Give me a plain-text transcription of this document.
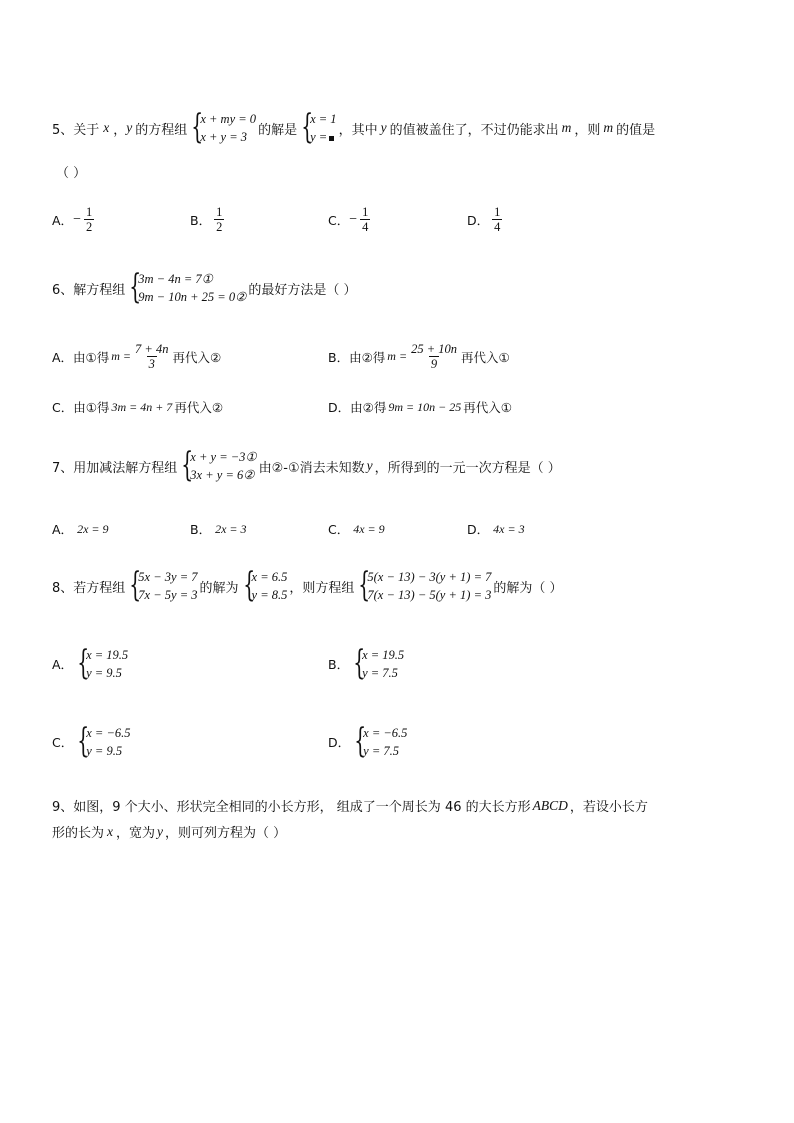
5、关于 x ， y 的方程组 {
x + my = 0
x + y = 3 的解是 {
x = 1
y = ，其中 y 的值被盖住了，不过仍能求出 m ，则 m 的值是
（ ）
A． − $\frac{1}{2}$	B． $\frac{1}{2}$	C． − $\frac{1}{4}$	D． $\frac{1}{4}$
6、解方程组 {
3m − 4n = 7①
9m − 10n + 25 = 0② 的最好方法是（ ）
A．由①得 $m = \frac{7 + 4n}{3}$ 再代入②	B．由②得 $m = \frac{25 + 10n}{9}$ 再代入①
C．由①得 3m = 4n + 7 再代入②	D．由②得 9m = 10n − 25 再代入①
7、用加减法解方程组 {
x + y = −3①
3x + y = 6② 由②-①消去未知数 y ，所得到的一元一次方程是（ ）
A． 2x = 9	B． 2x = 3	C． 4x = 9	D． 4x = 3
8、若方程组 {
5x − 3y = 7
7x − 5y = 3 的解为 {
x = 6.5
y = 8.5 ，则方程组 {
5(x − 13) − 3(y + 1) = 7
7(x − 13) − 5(y + 1) = 3 的解为（ ）
A． {
x = 19.5
y = 9.5
B． {
x = 19.5
y = 7.5
C． {
x = −6.5
y = 9.5
D． {
x = −6.5
y = 7.5
9、如图，9 个大小、形状完全相同的小长方形， 组成了一个周长为 46 的大长方形 ABCD ，若设小长方
形的长为 x ，宽为 y ，则可列方程为（ ）
